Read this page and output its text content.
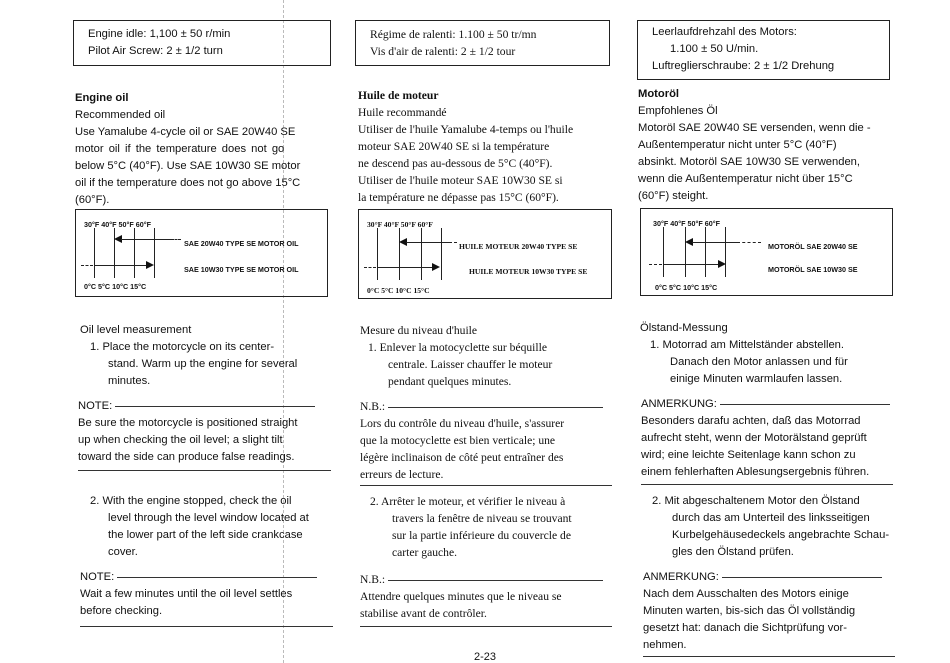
Engine idle: 1,100 ± 50 r/min
Pilot Air Screw: 2 ± 1/2 turn
Engine oil
Recommended oil
Use Yamalube 4-cycle oil or SAE 20W40 SE
motor oil if the temperature does not go
below 5°C (40°F). Use SAE 10W30 SE motor
oil if the temperature does not go above 15°C
(60°F).
30°F 40°F 50°F 60°F
SAE 20W40 TYPE SE MOTOR OIL
SAE 10W30 TYPE SE MOTOR OIL
0°C 5°C 10°C 15°C
Oil level measurement
1. Place the motorcycle on its center-
stand. Warm up the engine for several
minutes.
NOTE:
Be sure the motorcycle is positioned straight
up when checking the oil level; a slight tilt
toward the side can produce false readings.
2. With the engine stopped, check the oil
level through the level window located at
the lower part of the left side crankcase
cover.
NOTE:
Wait a few minutes until the oil level settles
before checking.
Régime de ralenti: 1.100 ± 50 tr/mn
Vis d'air de ralenti: 2 ± 1/2 tour
Huile de moteur
Huile recommandé
Utiliser de l'huile Yamalube 4-temps ou l'huile
moteur SAE 20W40 SE si la température
ne descend pas au-dessous de 5°C (40°F).
Utiliser de l'huile moteur SAE 10W30 SE si
la température ne dépasse pas 15°C (60°F).
30°F 40°F 50°F 60°F
HUILE MOTEUR 20W40 TYPE SE
HUILE MOTEUR 10W30 TYPE SE
0°C 5°C 10°C 15°C
Mesure du niveau d'huile
1. Enlever la motocyclette sur béquille
centrale. Laisser chauffer le moteur
pendant quelques minutes.
N.B.:
Lors du contrôle du niveau d'huile, s'assurer
que la motocyclette est bien verticale; une
légère inclinaison de côté peut entraîner des
erreurs de lecture.
2. Arrêter le moteur, et vérifier le niveau à
travers la fenêtre de niveau se trouvant
sur la partie inférieure du couvercle de
carter gauche.
N.B.:
Attendre quelques minutes que le niveau se
stabilise avant de contrôler.
Leerlaufdrehzahl des Motors:
1.100 ± 50 U/min.
Luftreglierschraube: 2 ± 1/2 Drehung
Motoröl
Empfohlenes Öl
Motoröl SAE 20W40 SE versenden, wenn die -
Außentemperatur nicht unter 5°C (40°F)
absinkt. Motoröl SAE 10W30 SE verwenden,
wenn die Außentemperatur nicht über 15°C
(60°F) steight.
30°F 40°F 50°F 60°F
MOTORÖL SAE 20W40 SE
MOTORÖL SAE 10W30 SE
0°C 5°C 10°C 15°C
Ölstand-Messung
1. Motorrad am Mittelständer abstellen.
Danach den Motor anlassen und für
einige Minuten warmlaufen lassen.
ANMERKUNG:
Besonders darafu achten, daß das Motorrad
aufrecht steht, wenn der Motorälstand geprüft
wird; eine leichte Seitenlage kann schon zu
einem fehlerhaften Ablesungsergebnis führen.
2. Mit abgeschaltenem Motor den Ölstand
durch das am Unterteil des linksseitigen
Kurbelgehäusedeckels angebrachte Schau-
gles den Ölstand prüfen.
ANMERKUNG:
Nach dem Ausschalten des Motors einige
Minuten warten, bis-sich das Öl vollständig
gesetzt hat: danach die Sichtprüfung vor-
nehmen.
2-23
